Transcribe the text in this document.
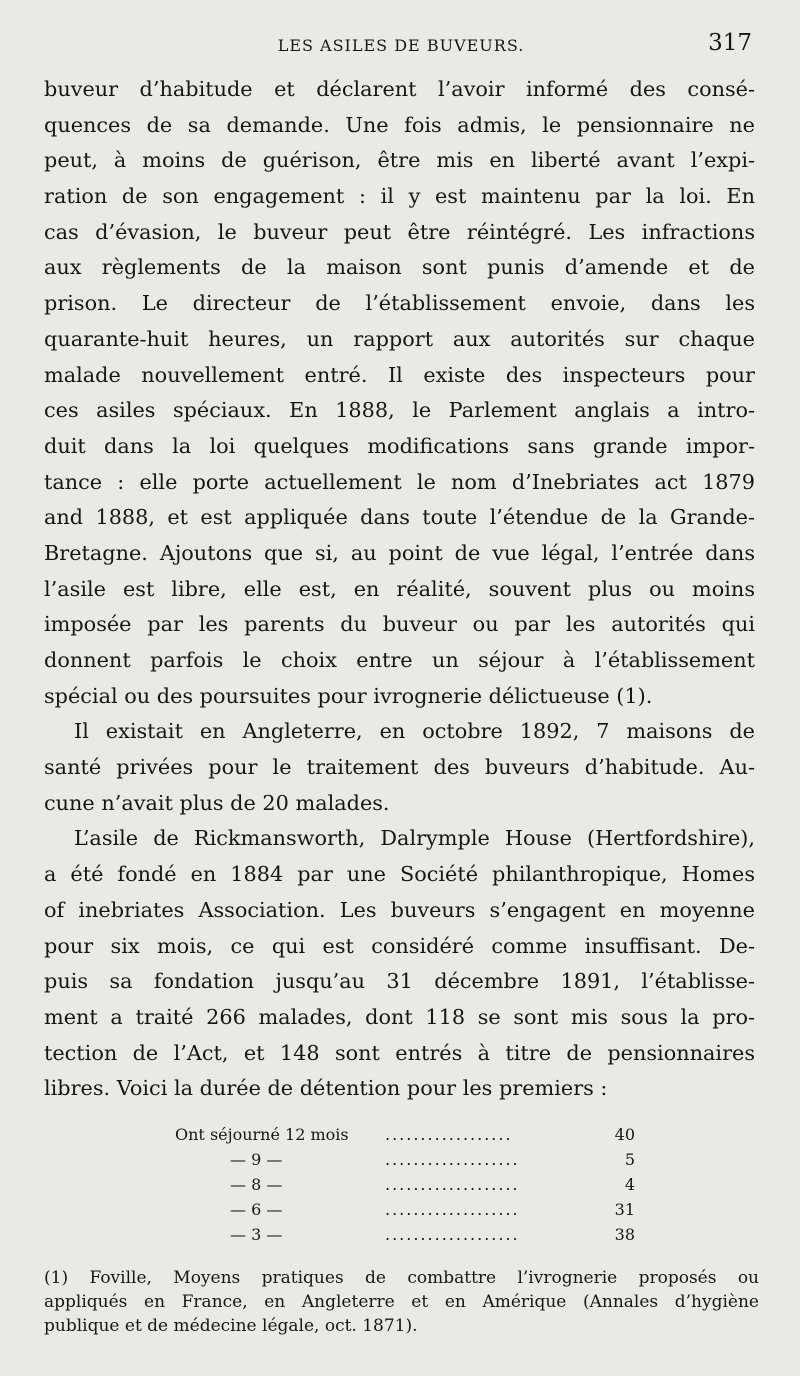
LES ASILES DE BUVEURS.	317
buveur d’habitude et déclarent l’avoir informé des consé-
quences de sa demande. Une fois admis, le pensionnaire ne
peut, à moins de guérison, être mis en liberté avant l’expi-
ration de son engagement : il y est maintenu par la loi. En
cas d’évasion, le buveur peut être réintégré. Les infractions
aux règlements de la maison sont punis d’amende et de
prison. Le directeur de l’établissement envoie, dans les
quarante-huit heures, un rapport aux autorités sur chaque
malade nouvellement entré. Il existe des inspecteurs pour
ces asiles spéciaux. En 1888, le Parlement anglais a intro-
duit dans la loi quelques modifications sans grande impor-
tance : elle porte actuellement le nom d’Inebriates act 1879
and 1888, et est appliquée dans toute l’étendue de la Grande-
Bretagne. Ajoutons que si, au point de vue légal, l’entrée dans
l’asile est libre, elle est, en réalité, souvent plus ou moins
imposée par les parents du buveur ou par les autorités qui
donnent parfois le choix entre un séjour à l’établissement
spécial ou des poursuites pour ivrognerie délictueuse (1).
Il existait en Angleterre, en octobre 1892, 7 maisons de
santé privées pour le traitement des buveurs d’habitude. Au-
cune n’avait plus de 20 malades.
L’asile de Rickmansworth, Dalrymple House (Hertfordshire),
a été fondé en 1884 par une Société philanthropique, Homes
of inebriates Association. Les buveurs s’engagent en moyenne
pour six mois, ce qui est considéré comme insuffisant. De-
puis sa fondation jusqu’au 31 décembre 1891, l’établisse-
ment a traité 266 malades, dont 118 se sont mis sous la pro-
tection de l’Act, et 148 sont entrés à titre de pensionnaires
libres. Voici la durée de détention pour les premiers :
Ont séjourné 12 mois ..................	40
— 9 —	...................	5
— 8 —	...................	4
— 6 —	...................	31
— 3 —	...................	38
(1) Foville, Moyens pratiques de combattre l’ivrognerie proposés ou
appliqués en France, en Angleterre et en Amérique (Annales d’hygiène
publique et de médecine légale, oct. 1871).
